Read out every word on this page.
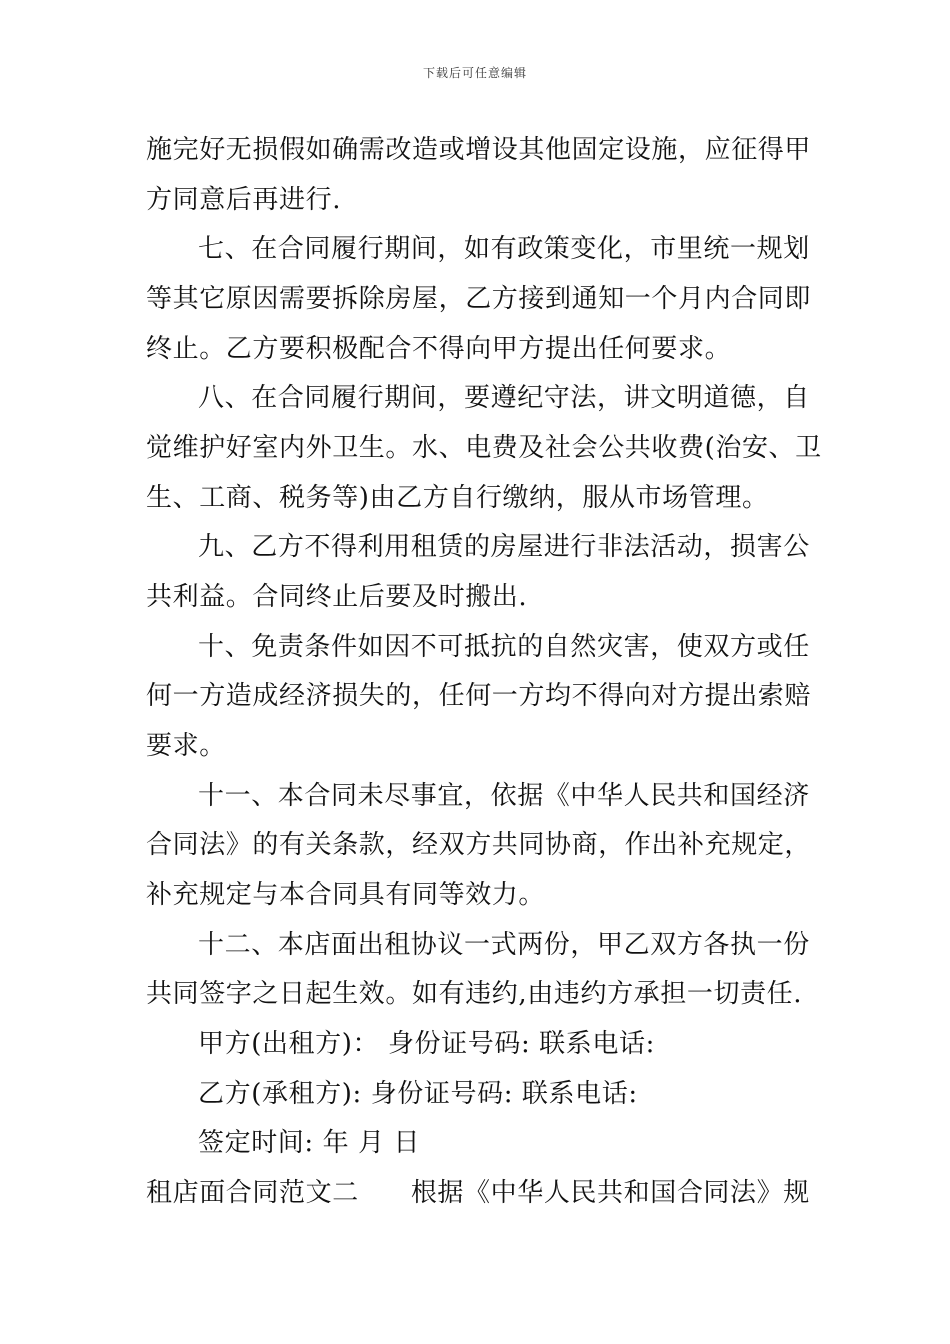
下载后可任意编辑
施完好无损假如确需改造或增设其他固定设施，应征得甲
方同意后再进行.
七、在合同履行期间，如有政策变化，市里统一规划
等其它原因需要拆除房屋，乙方接到通知一个月内合同即
终止。乙方要积极配合不得向甲方提出任何要求。
八、在合同履行期间，要遵纪守法，讲文明道德，自
觉维护好室内外卫生。水、电费及社会公共收费(治安、卫
生、工商、税务等)由乙方自行缴纳，服从市场管理。
九、乙方不得利用租赁的房屋进行非法活动，损害公
共利益。合同终止后要及时搬出.
十、免责条件如因不可抵抗的自然灾害，使双方或任
何一方造成经济损失的，任何一方均不得向对方提出索赔
要求。
十一、本合同未尽事宜，依据《中华人民共和国经济
合同法》的有关条款，经双方共同协商，作出补充规定，
补充规定与本合同具有同等效力。
十二、本店面出租协议一式两份，甲乙双方各执一份
共同签字之日起生效。如有违约,由违约方承担一切责任.
甲方(出租方)： 身份证号码: 联系电话:
乙方(承租方): 身份证号码: 联系电话:
签定时间: 年 月 日
租店面合同范文二 根据《中华人民共和国合同法》规
